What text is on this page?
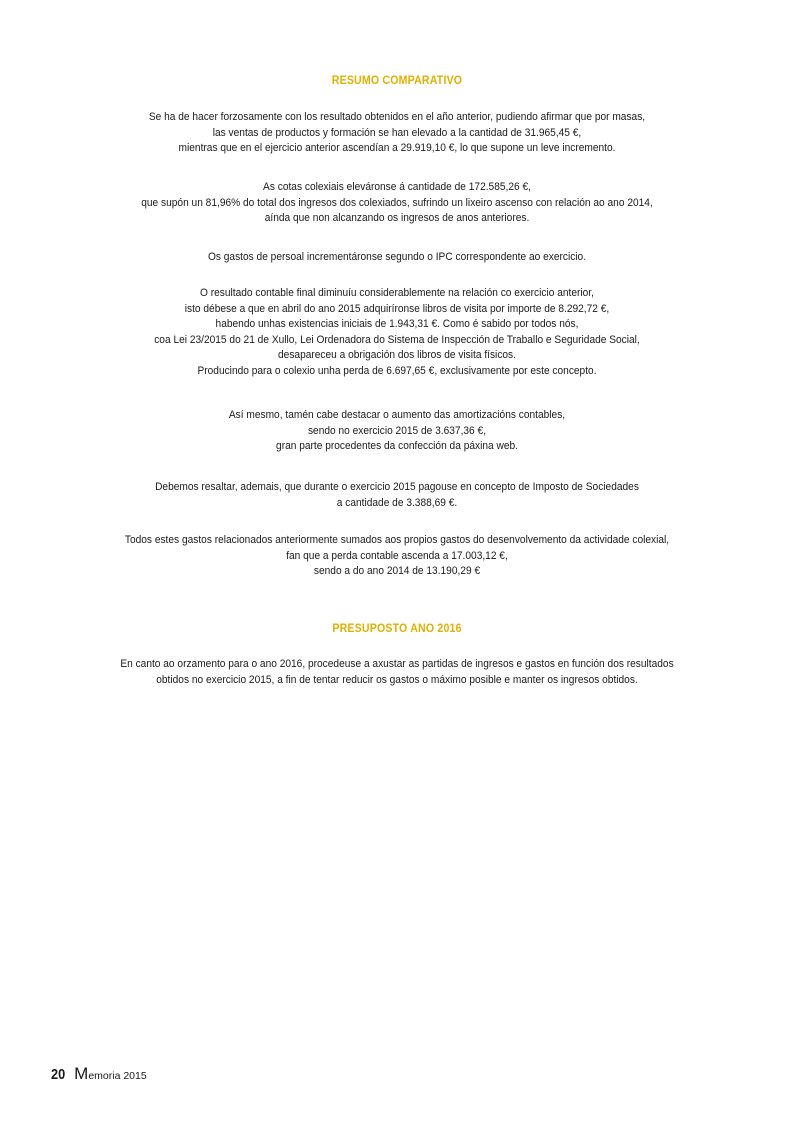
RESUMO COMPARATIVO
Se ha de hacer forzosamente con los resultado obtenidos en el año anterior, pudiendo afirmar que por masas,
las ventas de productos y formación se han elevado a la cantidad de 31.965,45 €,
mientras que en el ejercicio anterior ascendían a 29.919,10 €, lo que supone un leve incremento.
As cotas colexiais eleváronse á cantidade de 172.585,26 €,
que supón un 81,96% do total dos ingresos dos colexiados, sufrindo un lixeiro ascenso con relación ao ano 2014,
aínda que non alcanzando os ingresos de anos anteriores.
Os gastos de persoal incrementáronse segundo o IPC correspondente ao exercicio.
O resultado contable final diminuíu considerablemente na relación co exercicio anterior,
isto débese a que en abril do ano 2015 adquiríronse libros de visita por importe de 8.292,72 €,
habendo unhas existencias iniciais de 1.943,31 €. Como é sabido por todos nós,
coa Lei 23/2015 do 21 de Xullo, Lei Ordenadora do Sistema de Inspección de Traballo e Seguridade Social,
desapareceu a obrigación dos libros de visita físicos.
Producindo para o colexio unha perda de 6.697,65 €, exclusivamente por este concepto.
Así mesmo, tamén cabe destacar o aumento das amortizacións contables,
sendo no exercicio 2015 de 3.637,36 €,
gran parte procedentes da confección da páxina web.
Debemos resaltar, ademais, que durante o exercicio 2015 pagouse en concepto de Imposto de Sociedades
a cantidade de 3.388,69 €.
Todos estes gastos relacionados anteriormente sumados aos propios gastos do desenvolvemento da actividade colexial,
fan que a perda contable ascenda a 17.003,12 €,
sendo a do ano 2014 de 13.190,29 €
PRESUPOSTO ANO 2016
En canto ao orzamento para o ano 2016, procedeuse a axustar as partidas de ingresos e gastos en función dos resultados
obtidos no exercicio 2015, a fin de tentar reducir os gastos o máximo posible e manter os ingresos obtidos.
20 Memoria 2015
